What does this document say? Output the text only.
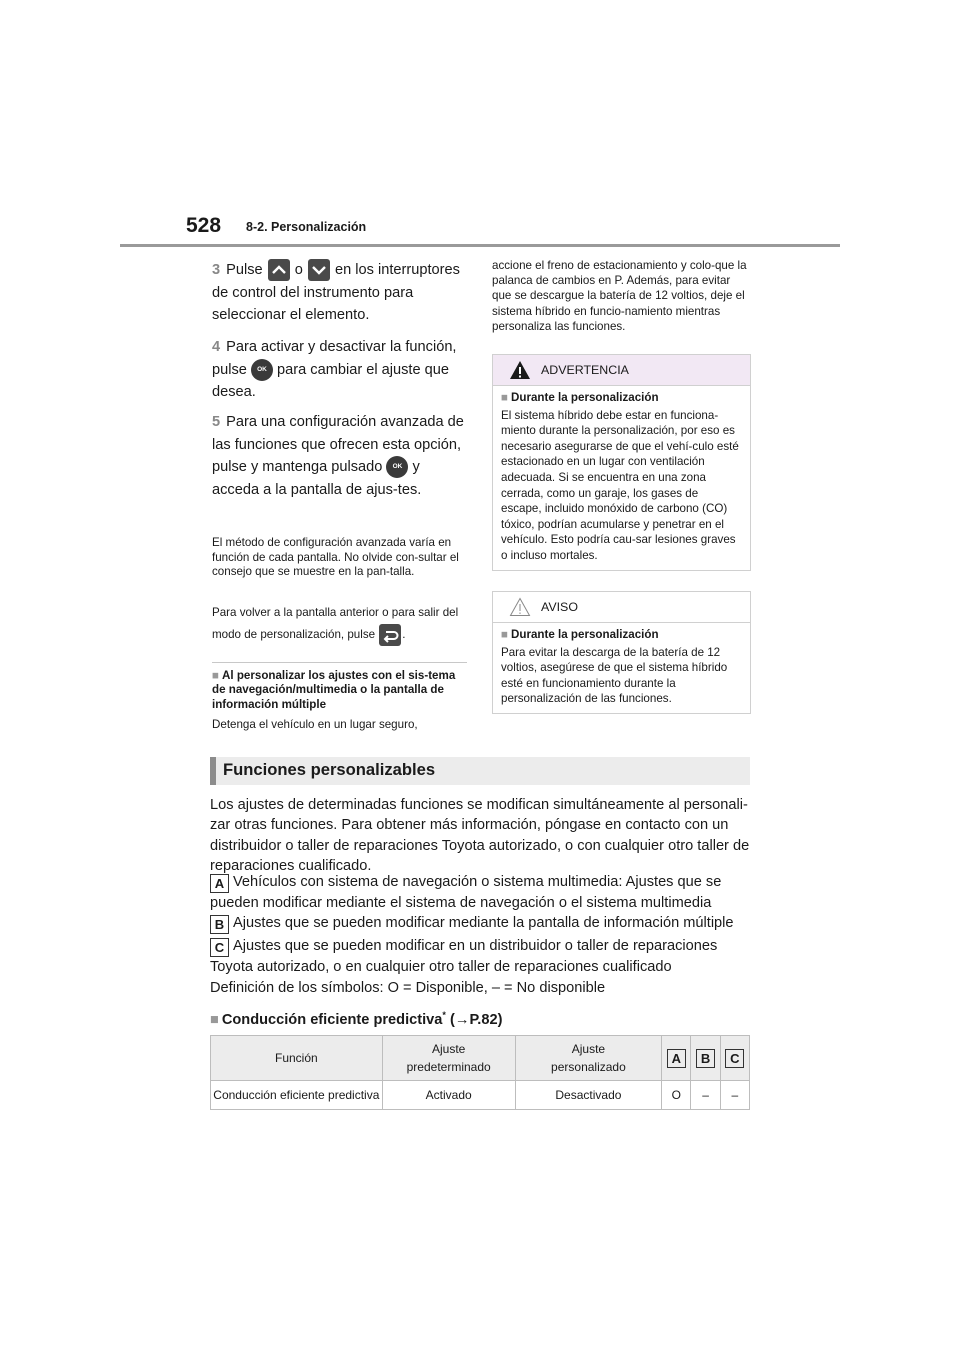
528 8-2. Personalización
3 Pulse o en los interruptores de control del instrumento para seleccionar el elemento.
4 Para activar y desactivar la función, pulse OK para cambiar el ajuste que desea.
5 Para una configuración avanzada de las funciones que ofrecen esta opción, pulse y mantenga pulsado OK y acceda a la pantalla de ajus-tes.
El método de configuración avanzada varía en función de cada pantalla. No olvide con-sultar el consejo que se muestre en la pan-talla.
Para volver a la pantalla anterior o para salir del modo de personalización, pulse .
■ Al personalizar los ajustes con el sis-tema de navegación/multimedia o la pantalla de información múltiple
Detenga el vehículo en un lugar seguro,
accione el freno de estacionamiento y colo-que la palanca de cambios en P. Además, para evitar que se descargue la batería de 12 voltios, deje el sistema híbrido en funcio-namiento mientras personaliza las funciones.
ADVERTENCIA
■ Durante la personalización
El sistema híbrido debe estar en funciona-miento durante la personalización, por eso es necesario asegurarse de que el vehí-culo esté estacionado en un lugar con ventilación adecuada. Si se encuentra en una zona cerrada, como un garaje, los gases de escape, incluido monóxido de carbono (CO) tóxico, podrían acumularse y penetrar en el vehículo. Esto podría cau-sar lesiones graves o incluso mortales.
AVISO
■ Durante la personalización
Para evitar la descarga de la batería de 12 voltios, asegúrese de que el sistema híbrido esté en funcionamiento durante la personalización de las funciones.
Funciones personalizables
Los ajustes de determinadas funciones se modifican simultáneamente al personali-zar otras funciones. Para obtener más información, póngase en contacto con un distribuidor o taller de reparaciones Toyota autorizado, o con cualquier otro taller de reparaciones cualificado.
A Vehículos con sistema de navegación o sistema multimedia: Ajustes que se pueden modificar mediante el sistema de navegación o el sistema multimedia
B Ajustes que se pueden modificar mediante la pantalla de información múltiple
C Ajustes que se pueden modificar en un distribuidor o taller de reparaciones Toyota autorizado, o en cualquier otro taller de reparaciones cualificado
Definición de los símbolos: O = Disponible, – = No disponible
■ Conducción eficiente predictiva* (→P.82)
Función	Ajuste predeterminado	Ajuste personalizado	A	B	C
Conducción eficiente predictiva	Activado	Desactivado	O	–	–
